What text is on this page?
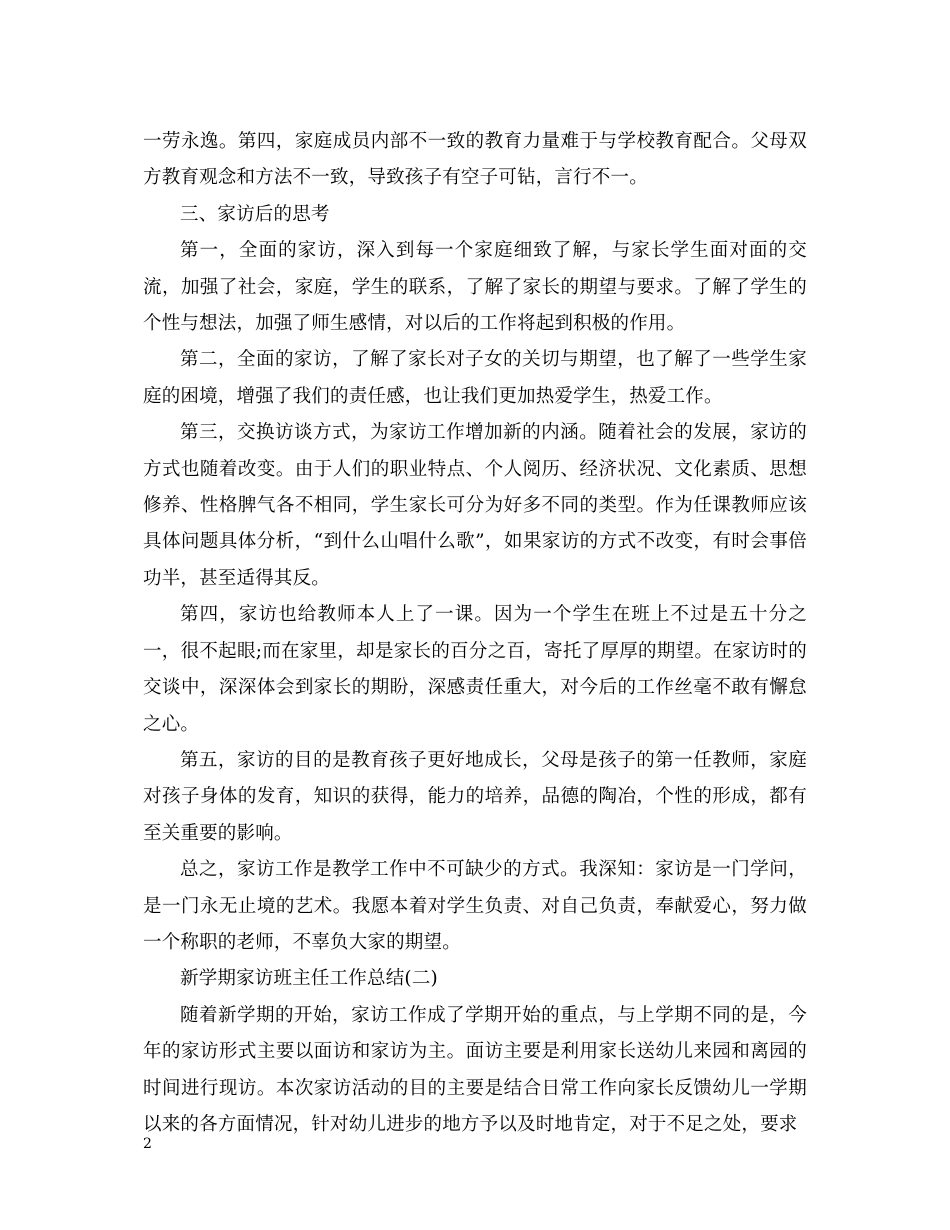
一劳永逸。第四，家庭成员内部不一致的教育力量难于与学校教育配合。父母双方教育观念和方法不一致，导致孩子有空子可钻，言行不一。

三、家访后的思考

第一，全面的家访，深入到每一个家庭细致了解，与家长学生面对面的交流，加强了社会，家庭，学生的联系，了解了家长的期望与要求。了解了学生的个性与想法，加强了师生感情，对以后的工作将起到积极的作用。

第二，全面的家访，了解了家长对子女的关切与期望，也了解了一些学生家庭的困境，增强了我们的责任感，也让我们更加热爱学生，热爱工作。

第三，交换访谈方式，为家访工作增加新的内涵。随着社会的发展，家访的方式也随着改变。由于人们的职业特点、个人阅历、经济状况、文化素质、思想修养、性格脾气各不相同，学生家长可分为好多不同的类型。作为任课教师应该具体问题具体分析，“到什么山唱什么歌”，如果家访的方式不改变，有时会事倍功半，甚至适得其反。

第四，家访也给教师本人上了一课。因为一个学生在班上不过是五十分之一，很不起眼;而在家里，却是家长的百分之百，寄托了厚厚的期望。在家访时的交谈中，深深体会到家长的期盼，深感责任重大，对今后的工作丝毫不敢有懈怠之心。

第五，家访的目的是教育孩子更好地成长，父母是孩子的第一任教师，家庭对孩子身体的发育，知识的获得，能力的培养，品德的陶冶，个性的形成，都有至关重要的影响。

总之，家访工作是教学工作中不可缺少的方式。我深知：家访是一门学问，是一门永无止境的艺术。我愿本着对学生负责、对自己负责，奉献爱心，努力做一个称职的老师，不辜负大家的期望。

新学期家访班主任工作总结(二)

随着新学期的开始，家访工作成了学期开始的重点，与上学期不同的是，今年的家访形式主要以面访和家访为主。面访主要是利用家长送幼儿来园和离园的时间进行现访。本次家访活动的目的主要是结合日常工作向家长反馈幼儿一学期以来的各方面情况，针对幼儿进步的地方予以及时地肯定，对于不足之处，要求

2
